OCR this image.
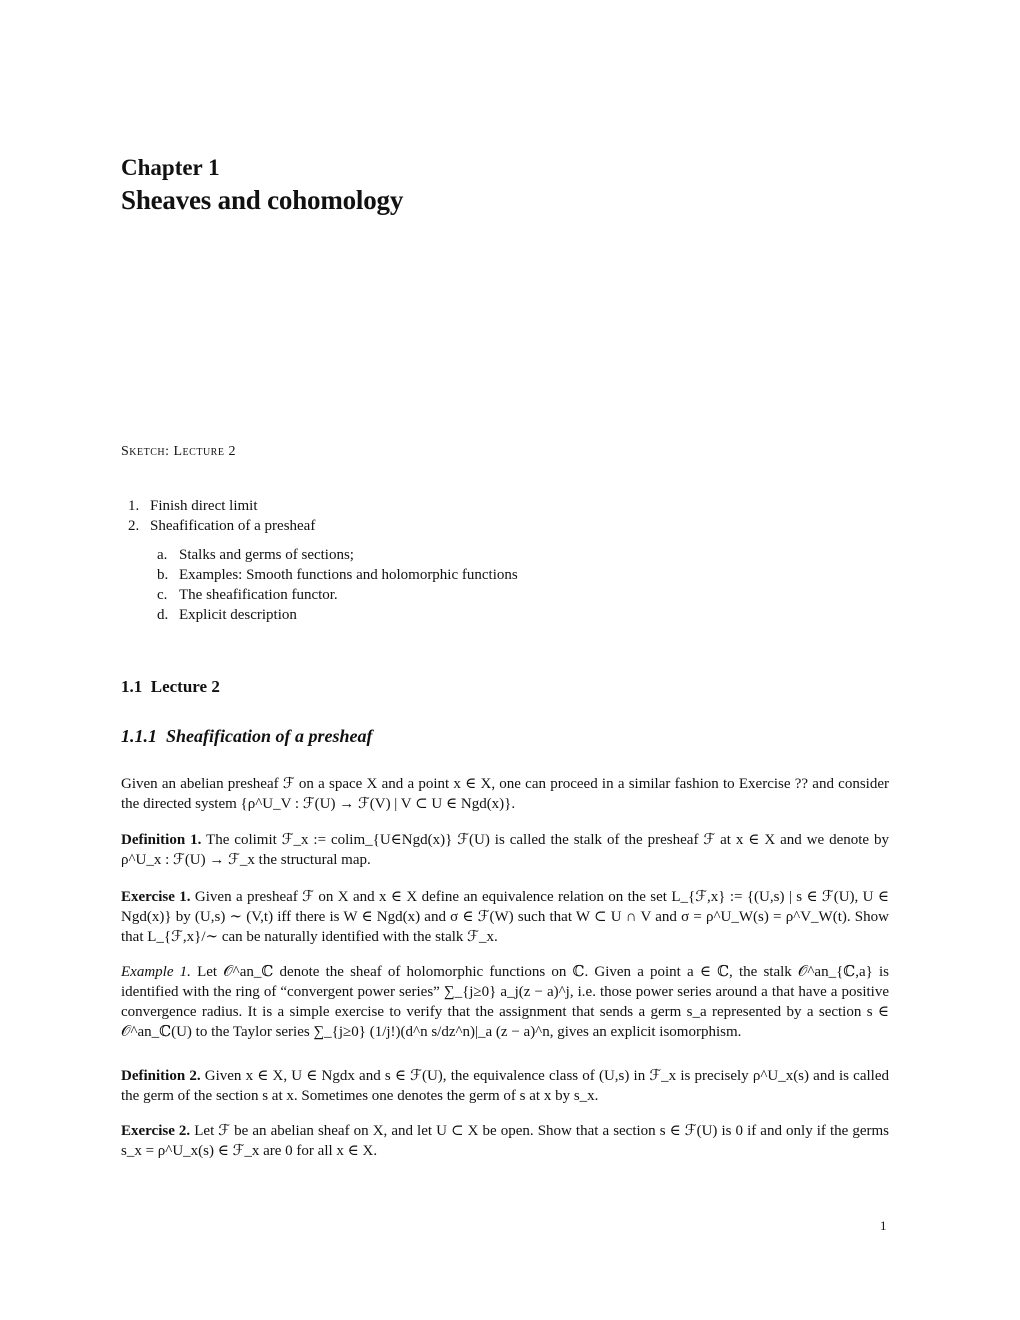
Chapter 1
Sheaves and cohomology
Sketch: Lecture 2
1. Finish direct limit
2. Sheafification of a presheaf
a. Stalks and germs of sections;
b. Examples: Smooth functions and holomorphic functions
c. The sheafification functor.
d. Explicit description
1.1 Lecture 2
1.1.1 Sheafification of a presheaf
Given an abelian presheaf ℱ on a space X and a point x ∈ X, one can proceed in a similar fashion to Exercise ?? and consider the directed system {ρ^U_V : ℱ(U) → ℱ(V) | V ⊂ U ∈ Ngd(x)}.
Definition 1. The colimit ℱ_x := colim_{U∈Ngd(x)} ℱ(U) is called the stalk of the presheaf ℱ at x ∈ X and we denote by ρ^U_x : ℱ(U) → ℱ_x the structural map.
Exercise 1. Given a presheaf ℱ on X and x ∈ X define an equivalence relation on the set L_{ℱ,x} := {(U,s) | s ∈ ℱ(U), U ∈ Ngd(x)} by (U,s) ∼ (V,t) iff there is W ∈ Ngd(x) and σ ∈ ℱ(W) such that W ⊂ U ∩ V and σ = ρ^U_W(s) = ρ^V_W(t). Show that L_{ℱ,x}/∼ can be naturally identified with the stalk ℱ_x.
Example 1. Let 𝒪^an_ℂ denote the sheaf of holomorphic functions on ℂ. Given a point a ∈ ℂ, the stalk 𝒪^an_{ℂ,a} is identified with the ring of “convergent power series” ∑_{j≥0} a_j(z − a)^j, i.e. those power series around a that have a positive convergence radius. It is a simple exercise to verify that the assignment that sends a germ s_a represented by a section s ∈ 𝒪^an_ℂ(U) to the Taylor series ∑_{j≥0} (1/j!)(d^n s/dz^n)|_a (z − a)^n, gives an explicit isomorphism.
Definition 2. Given x ∈ X, U ∈ Ngdx and s ∈ ℱ(U), the equivalence class of (U,s) in ℱ_x is precisely ρ^U_x(s) and is called the germ of the section s at x. Sometimes one denotes the germ of s at x by s_x.
Exercise 2. Let ℱ be an abelian sheaf on X, and let U ⊂ X be open. Show that a section s ∈ ℱ(U) is 0 if and only if the germs s_x = ρ^U_x(s) ∈ ℱ_x are 0 for all x ∈ X.
1
